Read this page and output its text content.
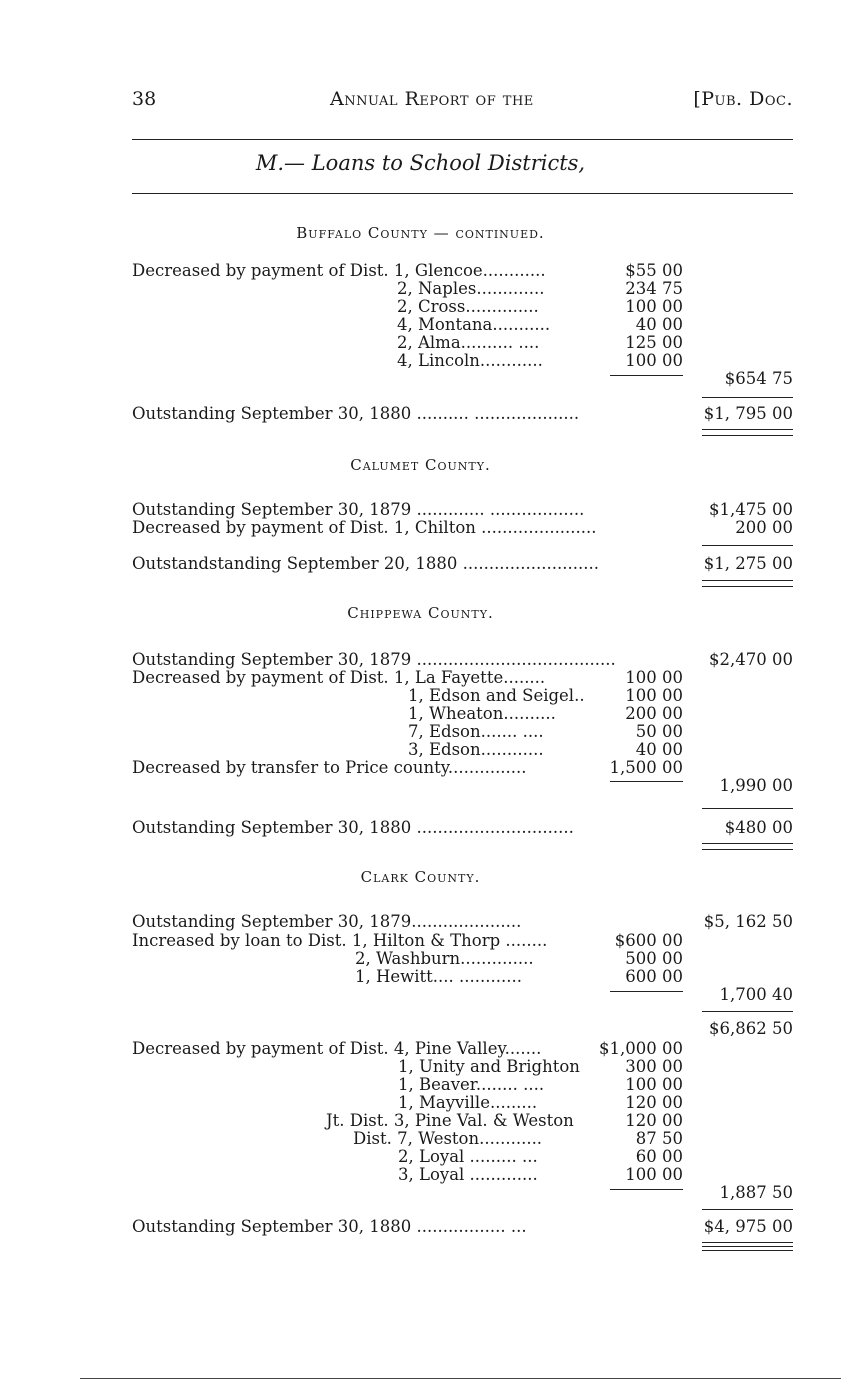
38	Annual Report of the	[Pub. Doc.
M.— Loans to School Districts,
Buffalo County — continued.
Decreased by payment of Dist. 1, Glencoe............	$55 00
2, Naples.............	234 75
2, Cross..............	100 00
4, Montana...........	40 00
2, Alma.......... ....	125 00
4, Lincoln............	100 00
$654 75
Outstanding September 30, 1880 .......... ....................	$1, 795 00
Calumet County.
Outstanding September 30, 1879 ............. ..................	$1,475 00
Decreased by payment of Dist. 1, Chilton ......................	200 00
Outstandstanding September 20, 1880 ..........................	$1, 275 00
Chippewa County.
Outstanding September 30, 1879 ......................................	$2,470 00
Decreased by payment of Dist. 1, La Fayette........	100 00
1, Edson and Seigel.. 100 00
1, Wheaton..........	200 00
7, Edson....... ....	50 00
3, Edson............	40 00
Decreased by transfer to Price county...............	1,500 00
1,990 00
Outstanding September 30, 1880 ..............................	$480 00
Clark County.
Outstanding September 30, 1879.....................	$5, 162 50
Increased by loan to Dist. 1, Hilton & Thorp ........	$600 00
2, Washburn..............	500 00
1, Hewitt.... ............	600 00
1,700 40
$6,862 50
Decreased by payment of Dist. 4, Pine Valley.......	$1,000 00
1, Unity and Brighton	300 00
1, Beaver........ ....	100 00
1, Mayville.........	120 00
Jt. Dist. 3, Pine Val. & Weston	120 00
Dist. 7, Weston............	87 50
2, Loyal ......... ...	60 00
3, Loyal .............	100 00
1,887 50
Outstanding September 30, 1880 ................. ...	$4, 975 00
